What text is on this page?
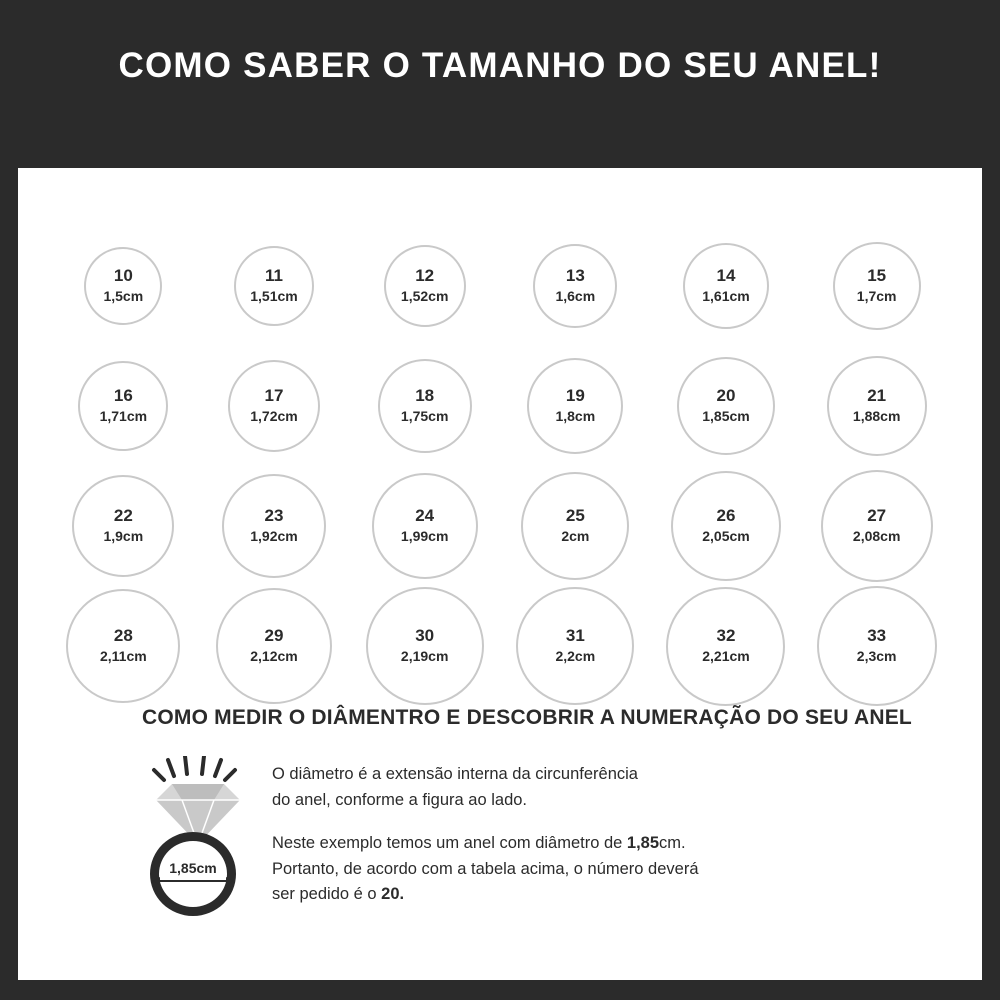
COMO SABER O TAMANHO DO SEU ANEL!
10
1,5cm
11
1,51cm
12
1,52cm
13
1,6cm
14
1,61cm
15
1,7cm
16
1,71cm
17
1,72cm
18
1,75cm
19
1,8cm
20
1,85cm
21
1,88cm
22
1,9cm
23
1,92cm
24
1,99cm
25
2cm
26
2,05cm
27
2,08cm
28
2,11cm
29
2,12cm
30
2,19cm
31
2,2cm
32
2,21cm
33
2,3cm
COMO MEDIR O DIÂMENTRO E DESCOBRIR A NUMERAÇÃO DO SEU ANEL
1,85cm

O diâmetro é a extensão interna da circunferência
do anel, conforme a figura ao lado.

Neste exemplo temos um anel com diâmetro de 1,85cm.
Portanto, de acordo com a tabela acima, o número deverá
ser pedido é o 20.
